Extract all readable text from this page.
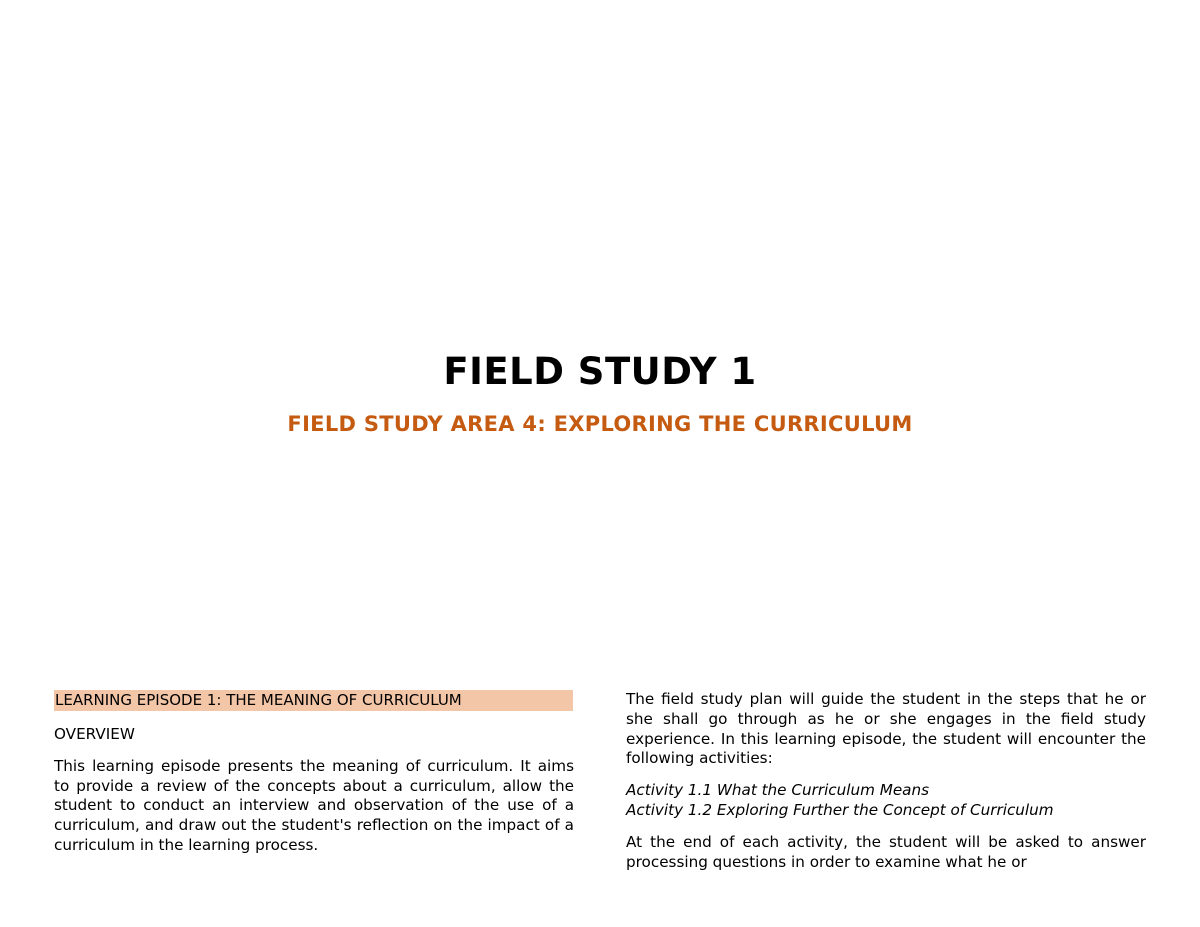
FIELD STUDY 1
FIELD STUDY AREA 4: EXPLORING THE CURRICULUM
LEARNING EPISODE 1: THE MEANING OF CURRICULUM
OVERVIEW

This learning episode presents the meaning of curriculum. It aims to provide a review of the concepts about a curriculum, allow the student to conduct an interview and observation of the use of a curriculum, and draw out the student's reflection on the impact of a curriculum in the learning process.

The field study plan will guide the student in the steps that he or she shall go through as he or she engages in the field study experience. In this learning episode, the student will encounter the following activities:

Activity 1.1 What the Curriculum Means
Activity 1.2 Exploring Further the Concept of Curriculum

At the end of each activity, the student will be asked to answer processing questions in order to examine what he or
